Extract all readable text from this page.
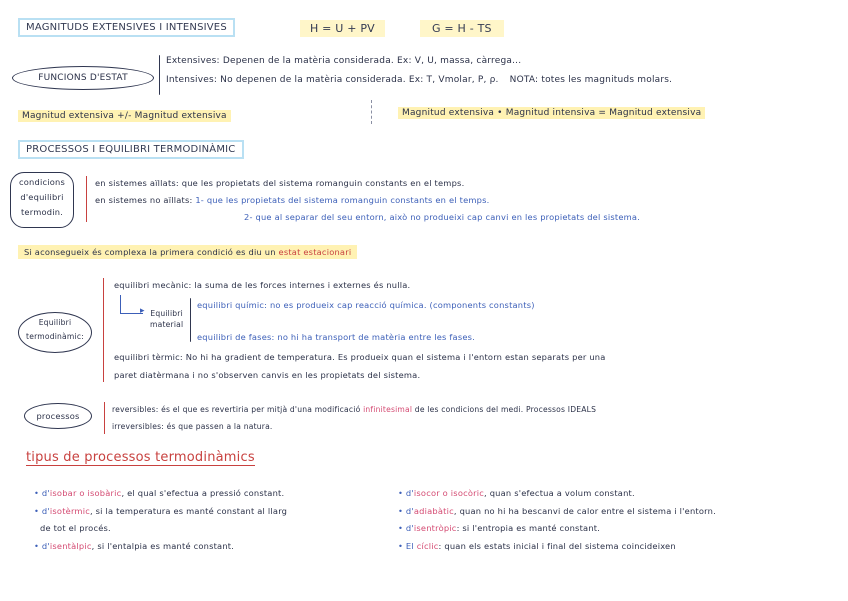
MAGNITUDS EXTENSIVES I INTENSIVES	H = U + PV	G = H - TS
FUNCIONS D'ESTAT
Extensives: Depenen de la matèria considerada. Ex: V, U, massa, càrrega...
Intensives: No depenen de la matèria considerada. Ex: T, Vmolar, P, ρ. NOTA: totes les magnituds molars.
Magnitud extensiva +/- Magnitud extensiva	Magnitud extensiva • Magnitud intensiva = Magnitud extensiva
PROCESSOS I EQUILIBRI TERMODINÀMIC
condicions
d'equilibri
termodin.
en sistemes aïllats: que les propietats del sistema romanguin constants en el temps.
en sistemes no aïllats: 1- que les propietats del sistema romanguin constants en el temps.
2- que al separar del seu entorn, això no produeixi cap canvi en les propietats del sistema.
Si aconsegueix és complexa la primera condició es diu un estat estacionari
Equilibri
termodinàmic:
equilibri mecànic: la suma de les forces internes i externes és nulla.
▸ Equilibri
material
equilibri químic: no es produeix cap reacció química. (components constants)
equilibri de fases: no hi ha transport de matèria entre les fases.
equilibri tèrmic: No hi ha gradient de temperatura. Es produeix quan el sistema i l'entorn estan separats per una
paret diatèrmana i no s'observen canvis en les propietats del sistema.
processos
reversibles: és el que es revertiria per mitjà d'una modificació infinitesimal de les condicions del medi. Processos IDEALS
irreversibles: és que passen a la natura.
tipus de processos termodinàmics
• d'isobar o isobàric, el qual s'efectua a pressió constant.
• d'isotèrmic, si la temperatura es manté constant al llarg
de tot el procés.
• d'isentàlpic, si l'entalpia es manté constant.
• d'isocor o isocòric, quan s'efectua a volum constant.
• d'adiabàtic, quan no hi ha bescanvi de calor entre el sistema i l'entorn.
• d'isentròpic: si l'entropia es manté constant.
• El cíclic: quan els estats inicial i final del sistema coincideixen
